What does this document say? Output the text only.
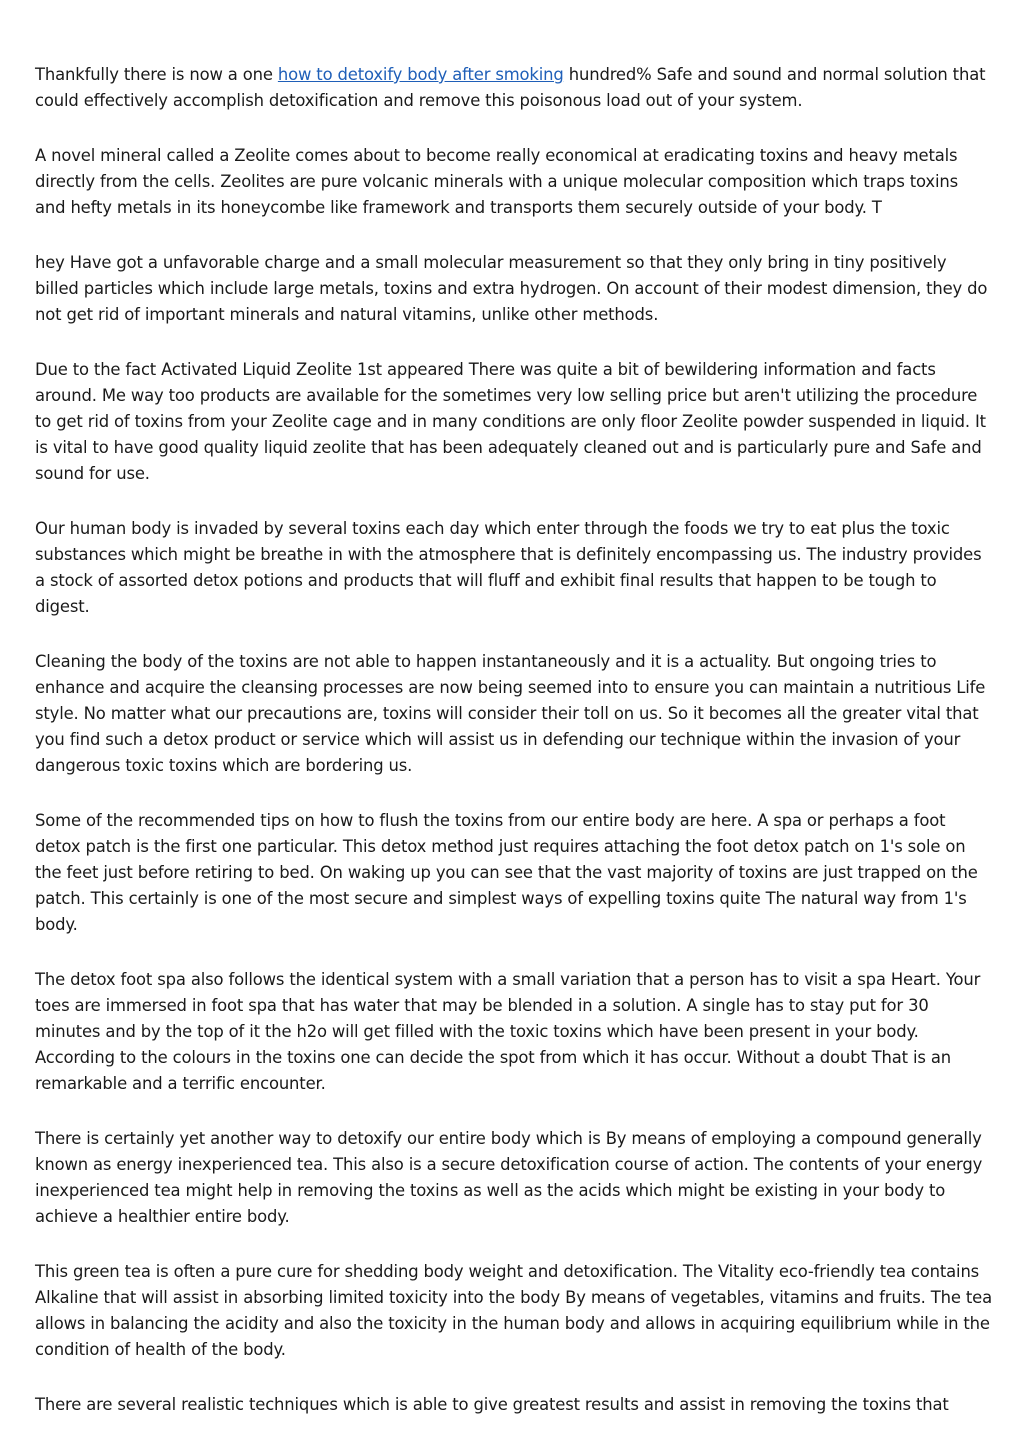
Thankfully there is now a one how to detoxify body after smoking hundred% Safe and sound and normal solution that could effectively accomplish detoxification and remove this poisonous load out of your system.

A novel mineral called a Zeolite comes about to become really economical at eradicating toxins and heavy metals directly from the cells. Zeolites are pure volcanic minerals with a unique molecular composition which traps toxins and hefty metals in its honeycombe like framework and transports them securely outside of your body. T

hey Have got a unfavorable charge and a small molecular measurement so that they only bring in tiny positively billed particles which include large metals, toxins and extra hydrogen. On account of their modest dimension, they do not get rid of important minerals and natural vitamins, unlike other methods.

Due to the fact Activated Liquid Zeolite 1st appeared There was quite a bit of bewildering information and facts around. Me way too products are available for the sometimes very low selling price but aren't utilizing the procedure to get rid of toxins from your Zeolite cage and in many conditions are only floor Zeolite powder suspended in liquid. It is vital to have good quality liquid zeolite that has been adequately cleaned out and is particularly pure and Safe and sound for use.

Our human body is invaded by several toxins each day which enter through the foods we try to eat plus the toxic substances which might be breathe in with the atmosphere that is definitely encompassing us. The industry provides a stock of assorted detox potions and products that will fluff and exhibit final results that happen to be tough to digest.

Cleaning the body of the toxins are not able to happen instantaneously and it is a actuality. But ongoing tries to enhance and acquire the cleansing processes are now being seemed into to ensure you can maintain a nutritious Life style. No matter what our precautions are, toxins will consider their toll on us. So it becomes all the greater vital that you find such a detox product or service which will assist us in defending our technique within the invasion of your dangerous toxic toxins which are bordering us.

Some of the recommended tips on how to flush the toxins from our entire body are here. A spa or perhaps a foot detox patch is the first one particular. This detox method just requires attaching the foot detox patch on 1's sole on the feet just before retiring to bed. On waking up you can see that the vast majority of toxins are just trapped on the patch. This certainly is one of the most secure and simplest ways of expelling toxins quite The natural way from 1's body.

The detox foot spa also follows the identical system with a small variation that a person has to visit a spa Heart. Your toes are immersed in foot spa that has water that may be blended in a solution. A single has to stay put for 30 minutes and by the top of it the h2o will get filled with the toxic toxins which have been present in your body. According to the colours in the toxins one can decide the spot from which it has occur. Without a doubt That is an remarkable and a terrific encounter.

There is certainly yet another way to detoxify our entire body which is By means of employing a compound generally known as energy inexperienced tea. This also is a secure detoxification course of action. The contents of your energy inexperienced tea might help in removing the toxins as well as the acids which might be existing in your body to achieve a healthier entire body.

This green tea is often a pure cure for shedding body weight and detoxification. The Vitality eco-friendly tea contains Alkaline that will assist in absorbing limited toxicity into the body By means of vegetables, vitamins and fruits. The tea allows in balancing the acidity and also the toxicity in the human body and allows in acquiring equilibrium while in the condition of health of the body.

There are several realistic techniques which is able to give greatest results and assist in removing the toxins that
